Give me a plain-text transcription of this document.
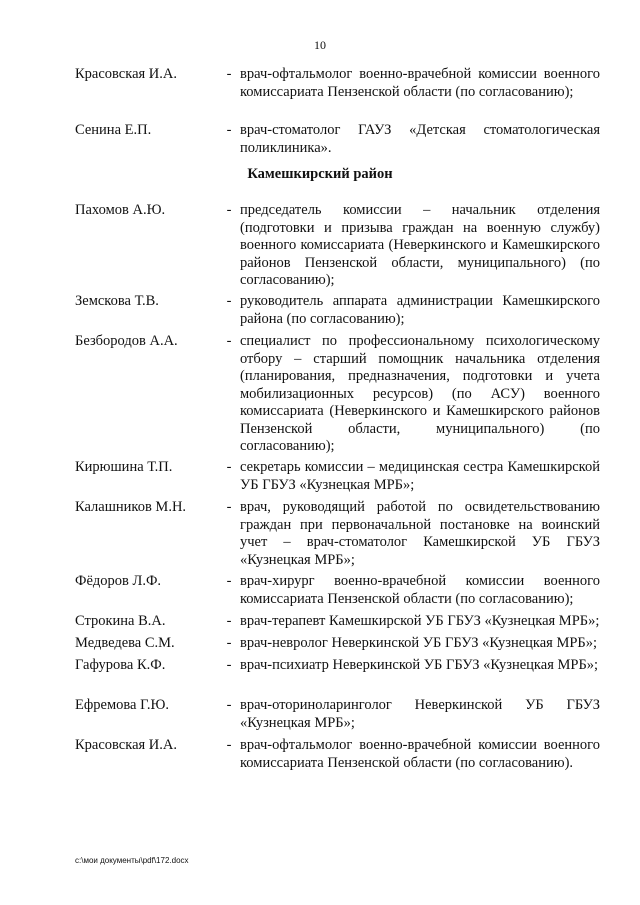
10
Красовская И.А.	- врач-офтальмолог военно-врачебной комиссии военного комиссариата Пензенской области (по согласованию);
Сенина Е.П.	- врач-стоматолог ГАУЗ «Детская стоматологическая поликлиника».
Камешкирский район
Пахомов А.Ю.	- председатель комиссии – начальник отделения (подготовки и призыва граждан на военную службу) военного комиссариата (Неверкинского и Камешкирского районов Пензенской области, муниципального) (по согласованию);
Земскова Т.В.	- руководитель аппарата администрации Камешкирского района (по согласованию);
Безбородов А.А.	- специалист по профессиональному психологическому отбору – старший помощник начальника отделения (планирования, предназначения, подготовки и учета мобилизационных ресурсов) (по АСУ) военного комиссариата (Неверкинского и Камешкирского районов Пензенской области, муниципального) (по согласованию);
Кирюшина Т.П.	- секретарь комиссии – медицинская сестра Камешкирской УБ ГБУЗ «Кузнецкая МРБ»;
Калашников М.Н.	- врач, руководящий работой по освидетельствованию граждан при первоначальной постановке на воинский учет – врач-стоматолог Камешкирской УБ ГБУЗ «Кузнецкая МРБ»;
Фёдоров Л.Ф.	- врач-хирург военно-врачебной комиссии военного комиссариата Пензенской области (по согласованию);
Строкина В.А.	- врач-терапевт Камешкирской УБ ГБУЗ «Кузнецкая МРБ»;
Медведева С.М.	- врач-невролог Неверкинской УБ ГБУЗ «Кузнецкая МРБ»;
Гафурова К.Ф.	- врач-психиатр Неверкинской УБ ГБУЗ «Кузнецкая МРБ»;
Ефремова Г.Ю.	- врач-оториноларинголог Неверкинской УБ ГБУЗ «Кузнецкая МРБ»;
Красовская И.А.	- врач-офтальмолог военно-врачебной комиссии военного комиссариата Пензенской области (по согласованию).
c:\мои документы\pdf\172.docx
